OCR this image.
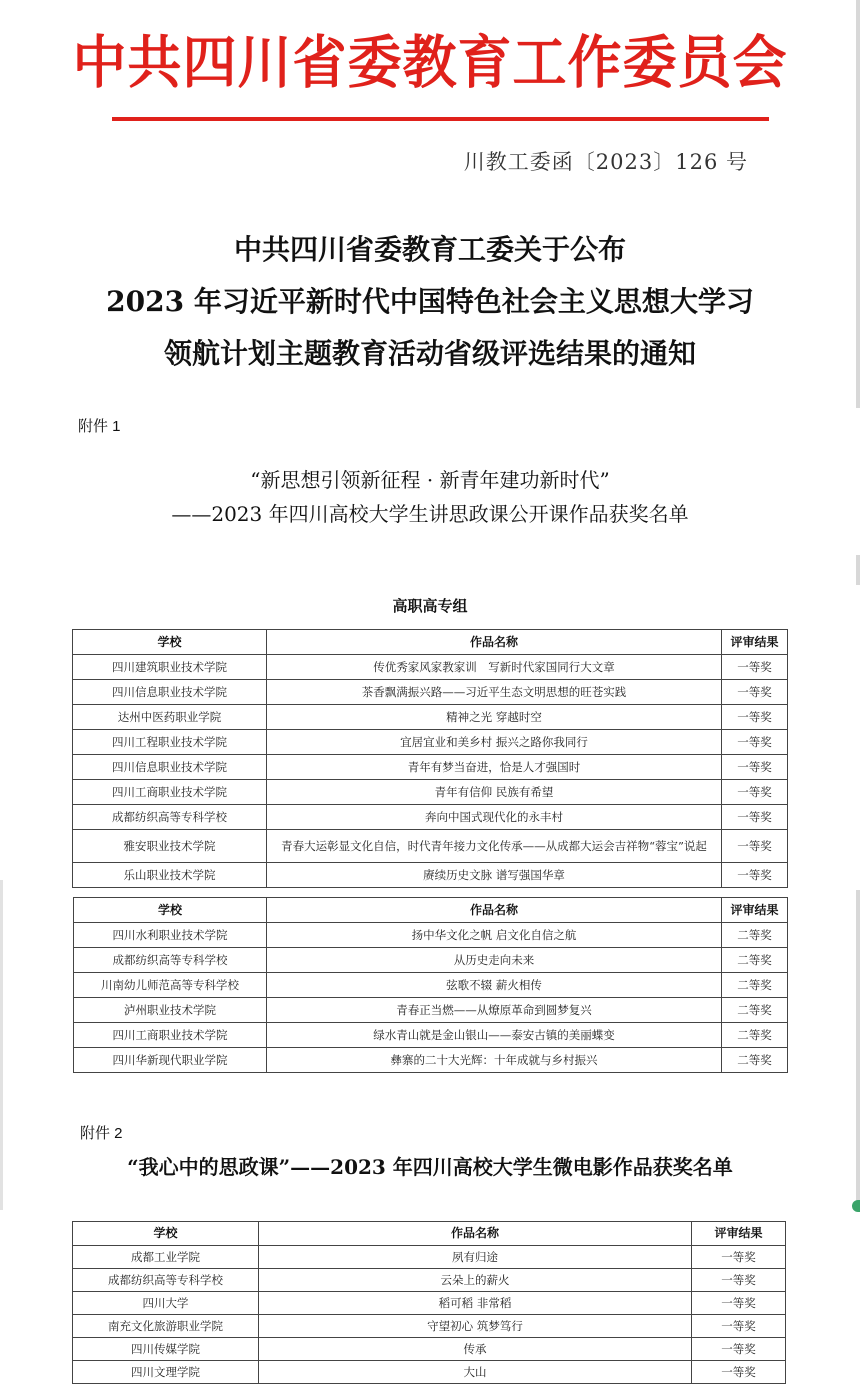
中共四川省委教育工作委员会
川教工委函〔2023〕126 号
中共四川省委教育工委关于公布
2023 年习近平新时代中国特色社会主义思想大学习
领航计划主题教育活动省级评选结果的通知
附件 1
“新思想引领新征程 · 新青年建功新时代”
——2023 年四川高校大学生讲思政课公开课作品获奖名单
高职高专组
学校	作品名称	评审结果
四川建筑职业技术学院	传优秀家风家教家训　写新时代家国同行大文章	一等奖
四川信息职业技术学院	茶香飘满振兴路——习近平生态文明思想的旺苍实践	一等奖
达州中医药职业学院	精神之光 穿越时空	一等奖
四川工程职业技术学院	宜居宜业和美乡村 振兴之路你我同行	一等奖
四川信息职业技术学院	青年有梦当奋进，恰是人才强国时	一等奖
四川工商职业技术学院	青年有信仰 民族有希望	一等奖
成都纺织高等专科学校	奔向中国式现代化的永丰村	一等奖
雅安职业技术学院	青春大运彰显文化自信，时代青年接力文化传承——从成都大运会吉祥物“蓉宝”说起	一等奖
乐山职业技术学院	赓续历史文脉 谱写强国华章	一等奖
学校	作品名称	评审结果
四川水利职业技术学院	扬中华文化之帆 启文化自信之航	二等奖
成都纺织高等专科学校	从历史走向未来	二等奖
川南幼儿师范高等专科学校	弦歌不辍 薪火相传	二等奖
泸州职业技术学院	青春正当燃——从燎原革命到圆梦复兴	二等奖
四川工商职业技术学院	绿水青山就是金山银山——泰安古镇的美丽蝶变	二等奖
四川华新现代职业学院	彝寨的二十大光辉：十年成就与乡村振兴	二等奖
附件 2
“我心中的思政课”——2023 年四川高校大学生微电影作品获奖名单
学校	作品名称	评审结果
成都工业学院	夙有归途	一等奖
成都纺织高等专科学校	云朵上的薪火	一等奖
四川大学	稻可稻 非常稻	一等奖
南充文化旅游职业学院	守望初心 筑梦笃行	一等奖
四川传媒学院	传承	一等奖
四川文理学院	大山	一等奖
